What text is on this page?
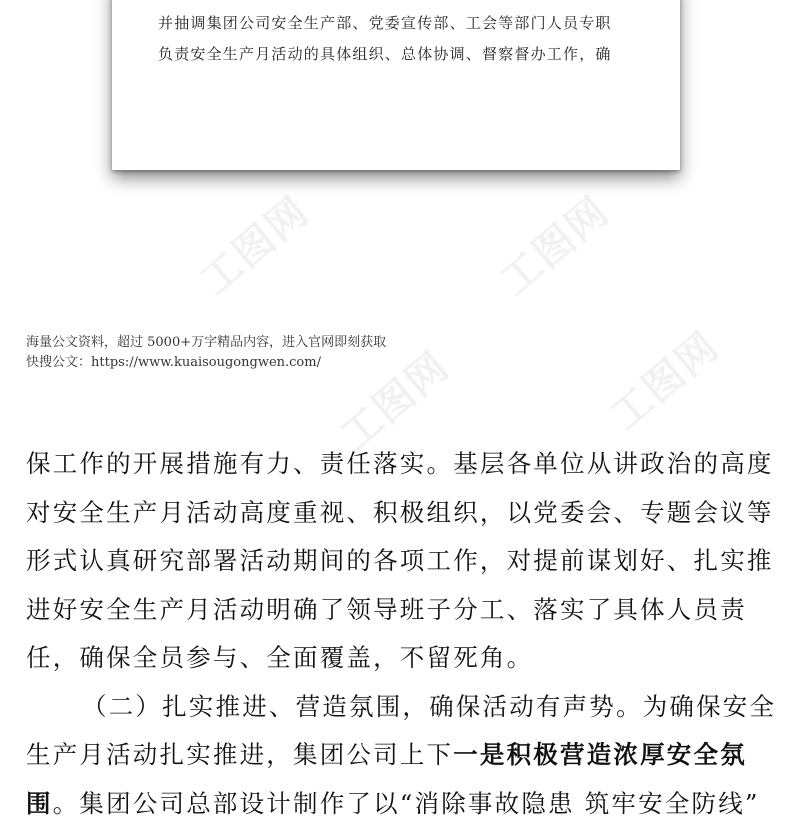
工图网	工图网
工图网	工图网
并抽调集团公司安全生产部、党委宣传部、工会等部门人员专职
负责安全生产月活动的具体组织、总体协调、督察督办工作，确
海量公文资料，超过 5000+万字精品内容，进入官网即刻获取
快搜公文：https://www.kuaisougongwen.com/

保工作的开展措施有力、责任落实。基层各单位从讲政治的高度

对安全生产月活动高度重视、积极组织，以党委会、专题会议等

形式认真研究部署活动期间的各项工作，对提前谋划好、扎实推

进好安全生产月活动明确了领导班子分工、落实了具体人员责

任，确保全员参与、全面覆盖，不留死角。

（二）扎实推进、营造氛围，确保活动有声势。为确保安全

生产月活动扎实推进，集团公司上下一是积极营造浓厚安全氛

围。集团公司总部设计制作了以“消除事故隐患 筑牢安全防线”
